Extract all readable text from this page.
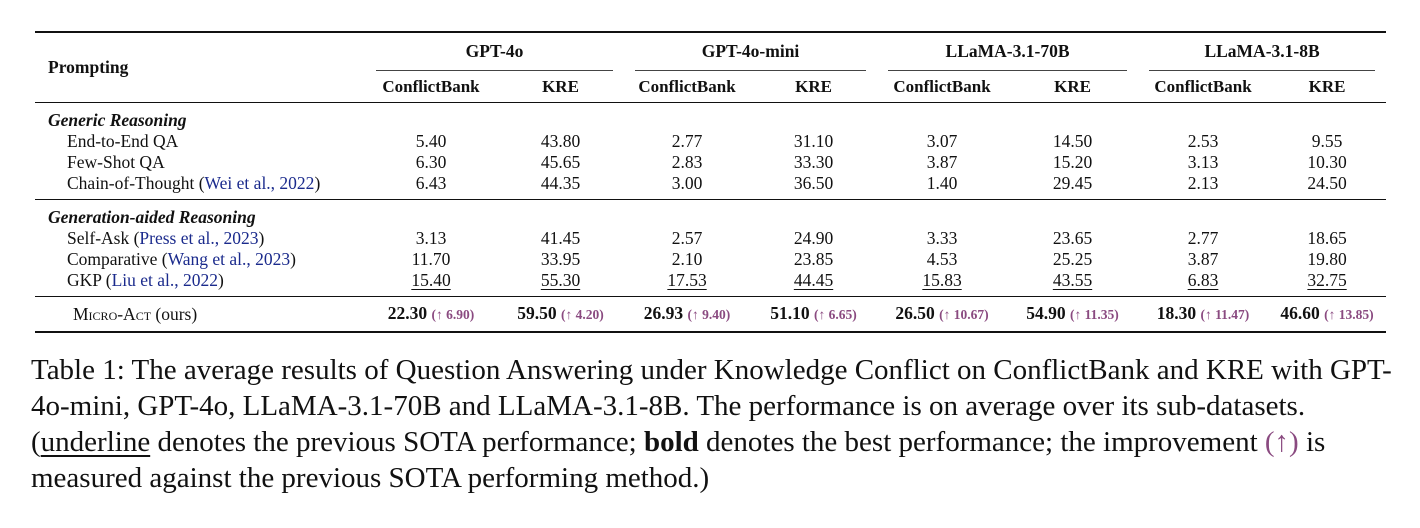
Prompting	GPT-4o		GPT-4o-mini		LLaMA-3.1-70B		LLaMA-3.1-8B	

	ConflictBank	KRE	ConflictBank	KRE	ConflictBank	KRE	ConflictBank	KRE
Generic Reasoning								
End-to-End QA	5.40	43.80	2.77	31.10	3.07	14.50	2.53	9.55
Few-Shot QA	6.30	45.65	2.83	33.30	3.87	15.20	3.13	10.30
Chain-of-Thought (Wei et al., 2022)	6.43	44.35	3.00	36.50	1.40	29.45	2.13	24.50
Generation-aided Reasoning								
Self-Ask (Press et al., 2023)	3.13	41.45	2.57	24.90	3.33	23.65	2.77	18.65
Comparative (Wang et al., 2023)	11.70	33.95	2.10	23.85	4.53	25.25	3.87	19.80
GKP (Liu et al., 2022)	15.40	55.30	17.53	44.45	15.83	43.55	6.83	32.75
Micro-Act (ours)	22.30 (↑ 6.90)	59.50 (↑ 4.20)	26.93 (↑ 9.40)	51.10 (↑ 6.65)	26.50 (↑ 10.67)	54.90 (↑ 11.35)	18.30 (↑ 11.47)	46.60 (↑ 13.85)
Table 1: The average results of Question Answering under Knowledge Conflict on ConflictBank and KRE with GPT-4o-mini, GPT-4o, LLaMA-3.1-70B and LLaMA-3.1-8B. The performance is on average over its sub-datasets. (underline denotes the previous SOTA performance; bold denotes the best performance; the improvement (↑) is measured against the previous SOTA performing method.)
